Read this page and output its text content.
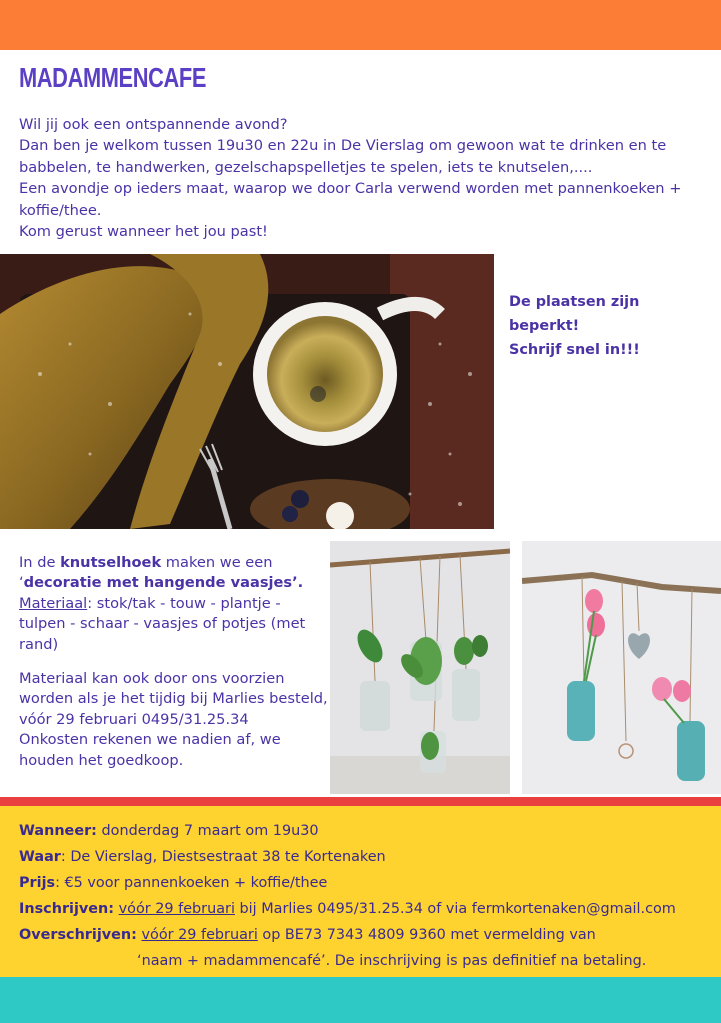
MADAMMENCAFE

Wil jij ook een ontspannende avond?

Dan ben je welkom tussen 19u30 en 22u in De Vierslag om gewoon wat te drinken en te babbelen, te handwerken, gezelschapspelletjes te spelen, iets te knutselen,....

Een avondje op ieders maat, waarop we door Carla verwend worden met pannenkoeken + koffie/thee.

Kom gerust wanneer het jou past!

De plaatsen zijn beperkt!

Schrijf snel in!!!

In de knutselhoek maken we een
‘decoratie met hangende vaasjes’.
Materiaal: stok/tak - touw - plantje - tulpen - schaar - vaasjes of potjes (met rand)

Materiaal kan ook door ons voorzien worden als je het tijdig bij Marlies besteld, vóór 29 februari 0495/31.25.34

Onkosten rekenen we nadien af, we houden het goedkoop.

Wanneer: donderdag 7 maart om 19u30

Waar: De Vierslag, Diestsestraat 38 te Kortenaken

Prijs: €5 voor pannenkoeken + koffie/thee

Inschrijven: vóór 29 februari bij Marlies 0495/31.25.34 of via fermkortenaken@gmail.com

Overschrijven: vóór 29 februari op BE73 7343 4809 9360 met vermelding van

‘naam + madammencafé’. De inschrijving is pas definitief na betaling.
